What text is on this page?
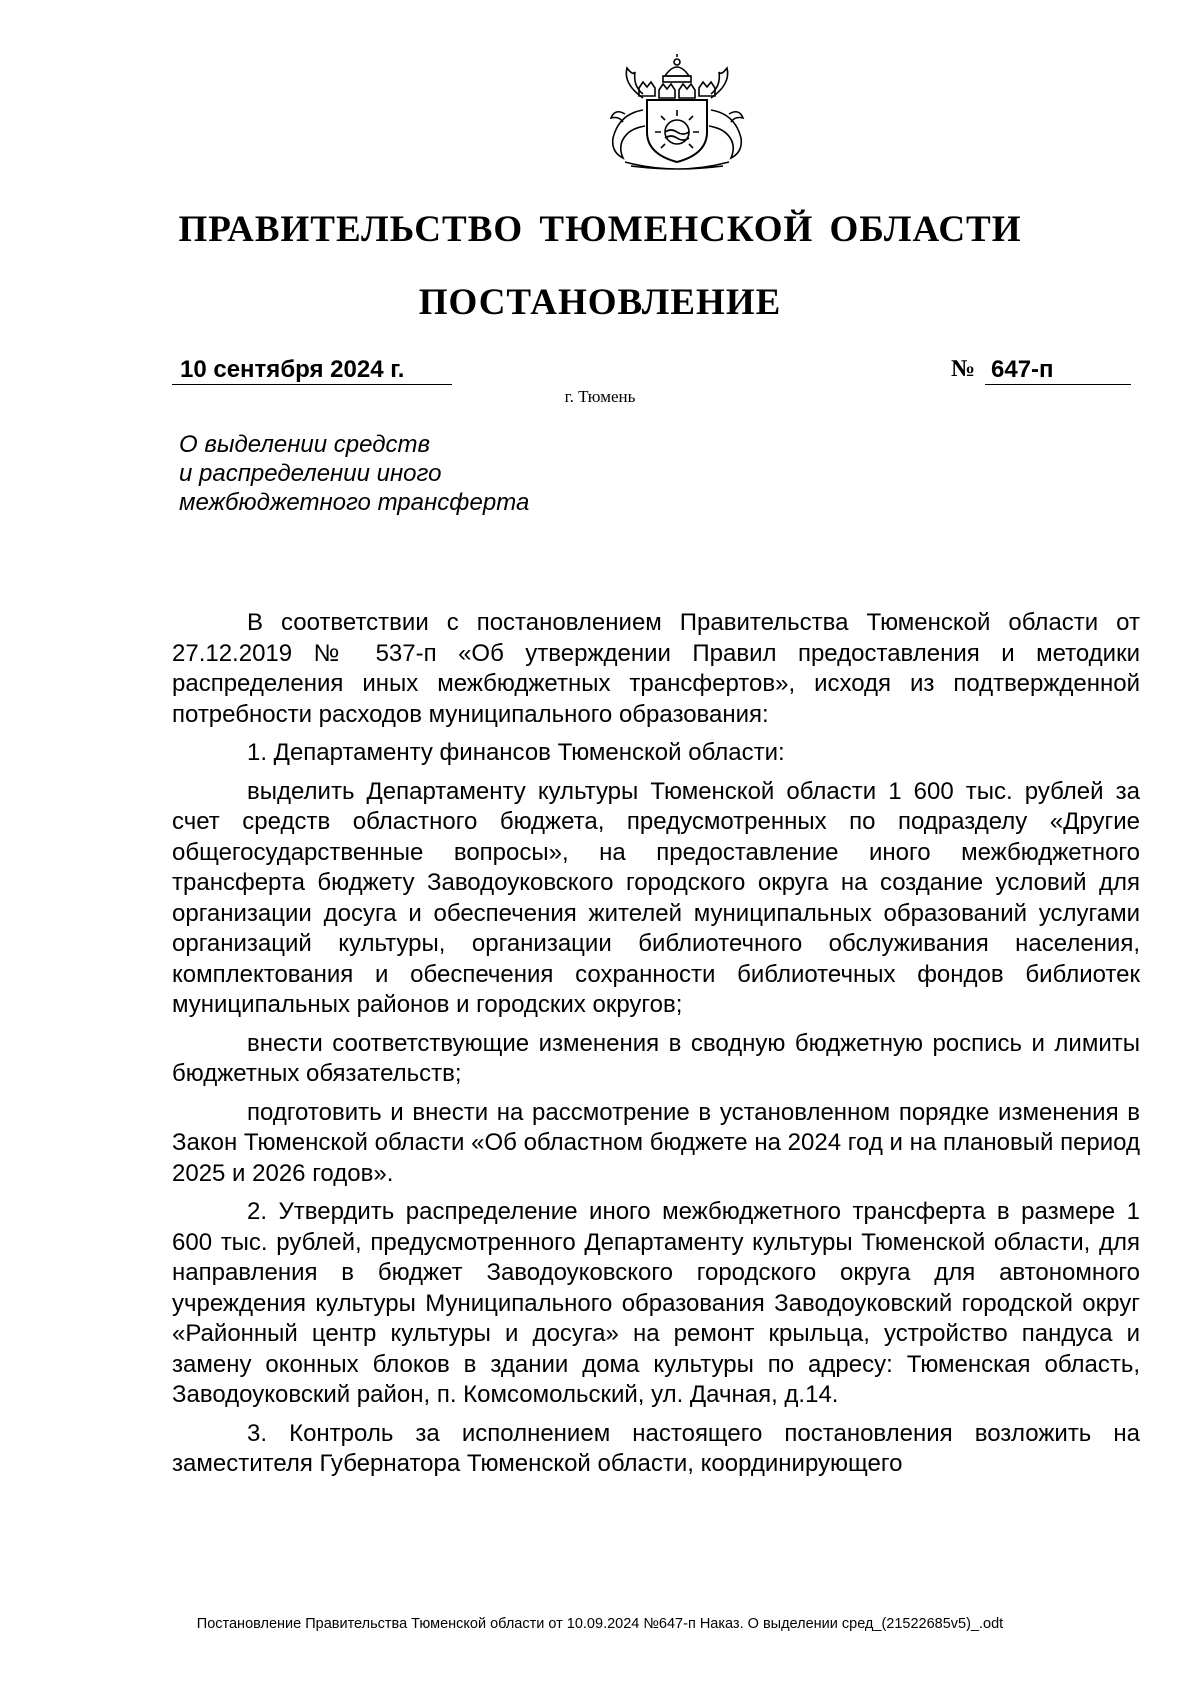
ПРАВИТЕЛЬСТВО ТЮМЕНСКОЙ ОБЛАСТИ
ПОСТАНОВЛЕНИЕ
10 сентября 2024 г.	№ 647-п
г. Тюмень
О выделении средств
и распределении иного
межбюджетного трансферта

В соответствии с постановлением Правительства Тюменской области от 27.12.2019 № 537-п «Об утверждении Правил предоставления и методики распределения иных межбюджетных трансфертов», исходя из подтвержденной потребности расходов муниципального образования:

1. Департаменту финансов Тюменской области:

выделить Департаменту культуры Тюменской области 1 600 тыс. рублей за счет средств областного бюджета, предусмотренных по подразделу «Другие общегосударственные вопросы», на предоставление иного межбюджетного трансферта бюджету Заводоуковского городского округа на создание условий для организации досуга и обеспечения жителей муниципальных образований услугами организаций культуры, организации библиотечного обслуживания населения, комплектования и обеспечения сохранности библиотечных фондов библиотек муниципальных районов и городских округов;

внести соответствующие изменения в сводную бюджетную роспись и лимиты бюджетных обязательств;

подготовить и внести на рассмотрение в установленном порядке изменения в Закон Тюменской области «Об областном бюджете на 2024 год и на плановый период 2025 и 2026 годов».

2. Утвердить распределение иного межбюджетного трансферта в размере 1 600 тыс. рублей, предусмотренного Департаменту культуры Тюменской области, для направления в бюджет Заводоуковского городского округа для автономного учреждения культуры Муниципального образования Заводоуковский городской округ «Районный центр культуры и досуга» на ремонт крыльца, устройство пандуса и замену оконных блоков в здании дома культуры по адресу: Тюменская область, Заводоуковский район, п. Комсомольский, ул. Дачная, д.14.

3. Контроль за исполнением настоящего постановления возложить на заместителя Губернатора Тюменской области, координирующего

Постановление Правительства Тюменской области от 10.09.2024 №647-п Наказ. О выделении сред_(21522685v5)_.odt
